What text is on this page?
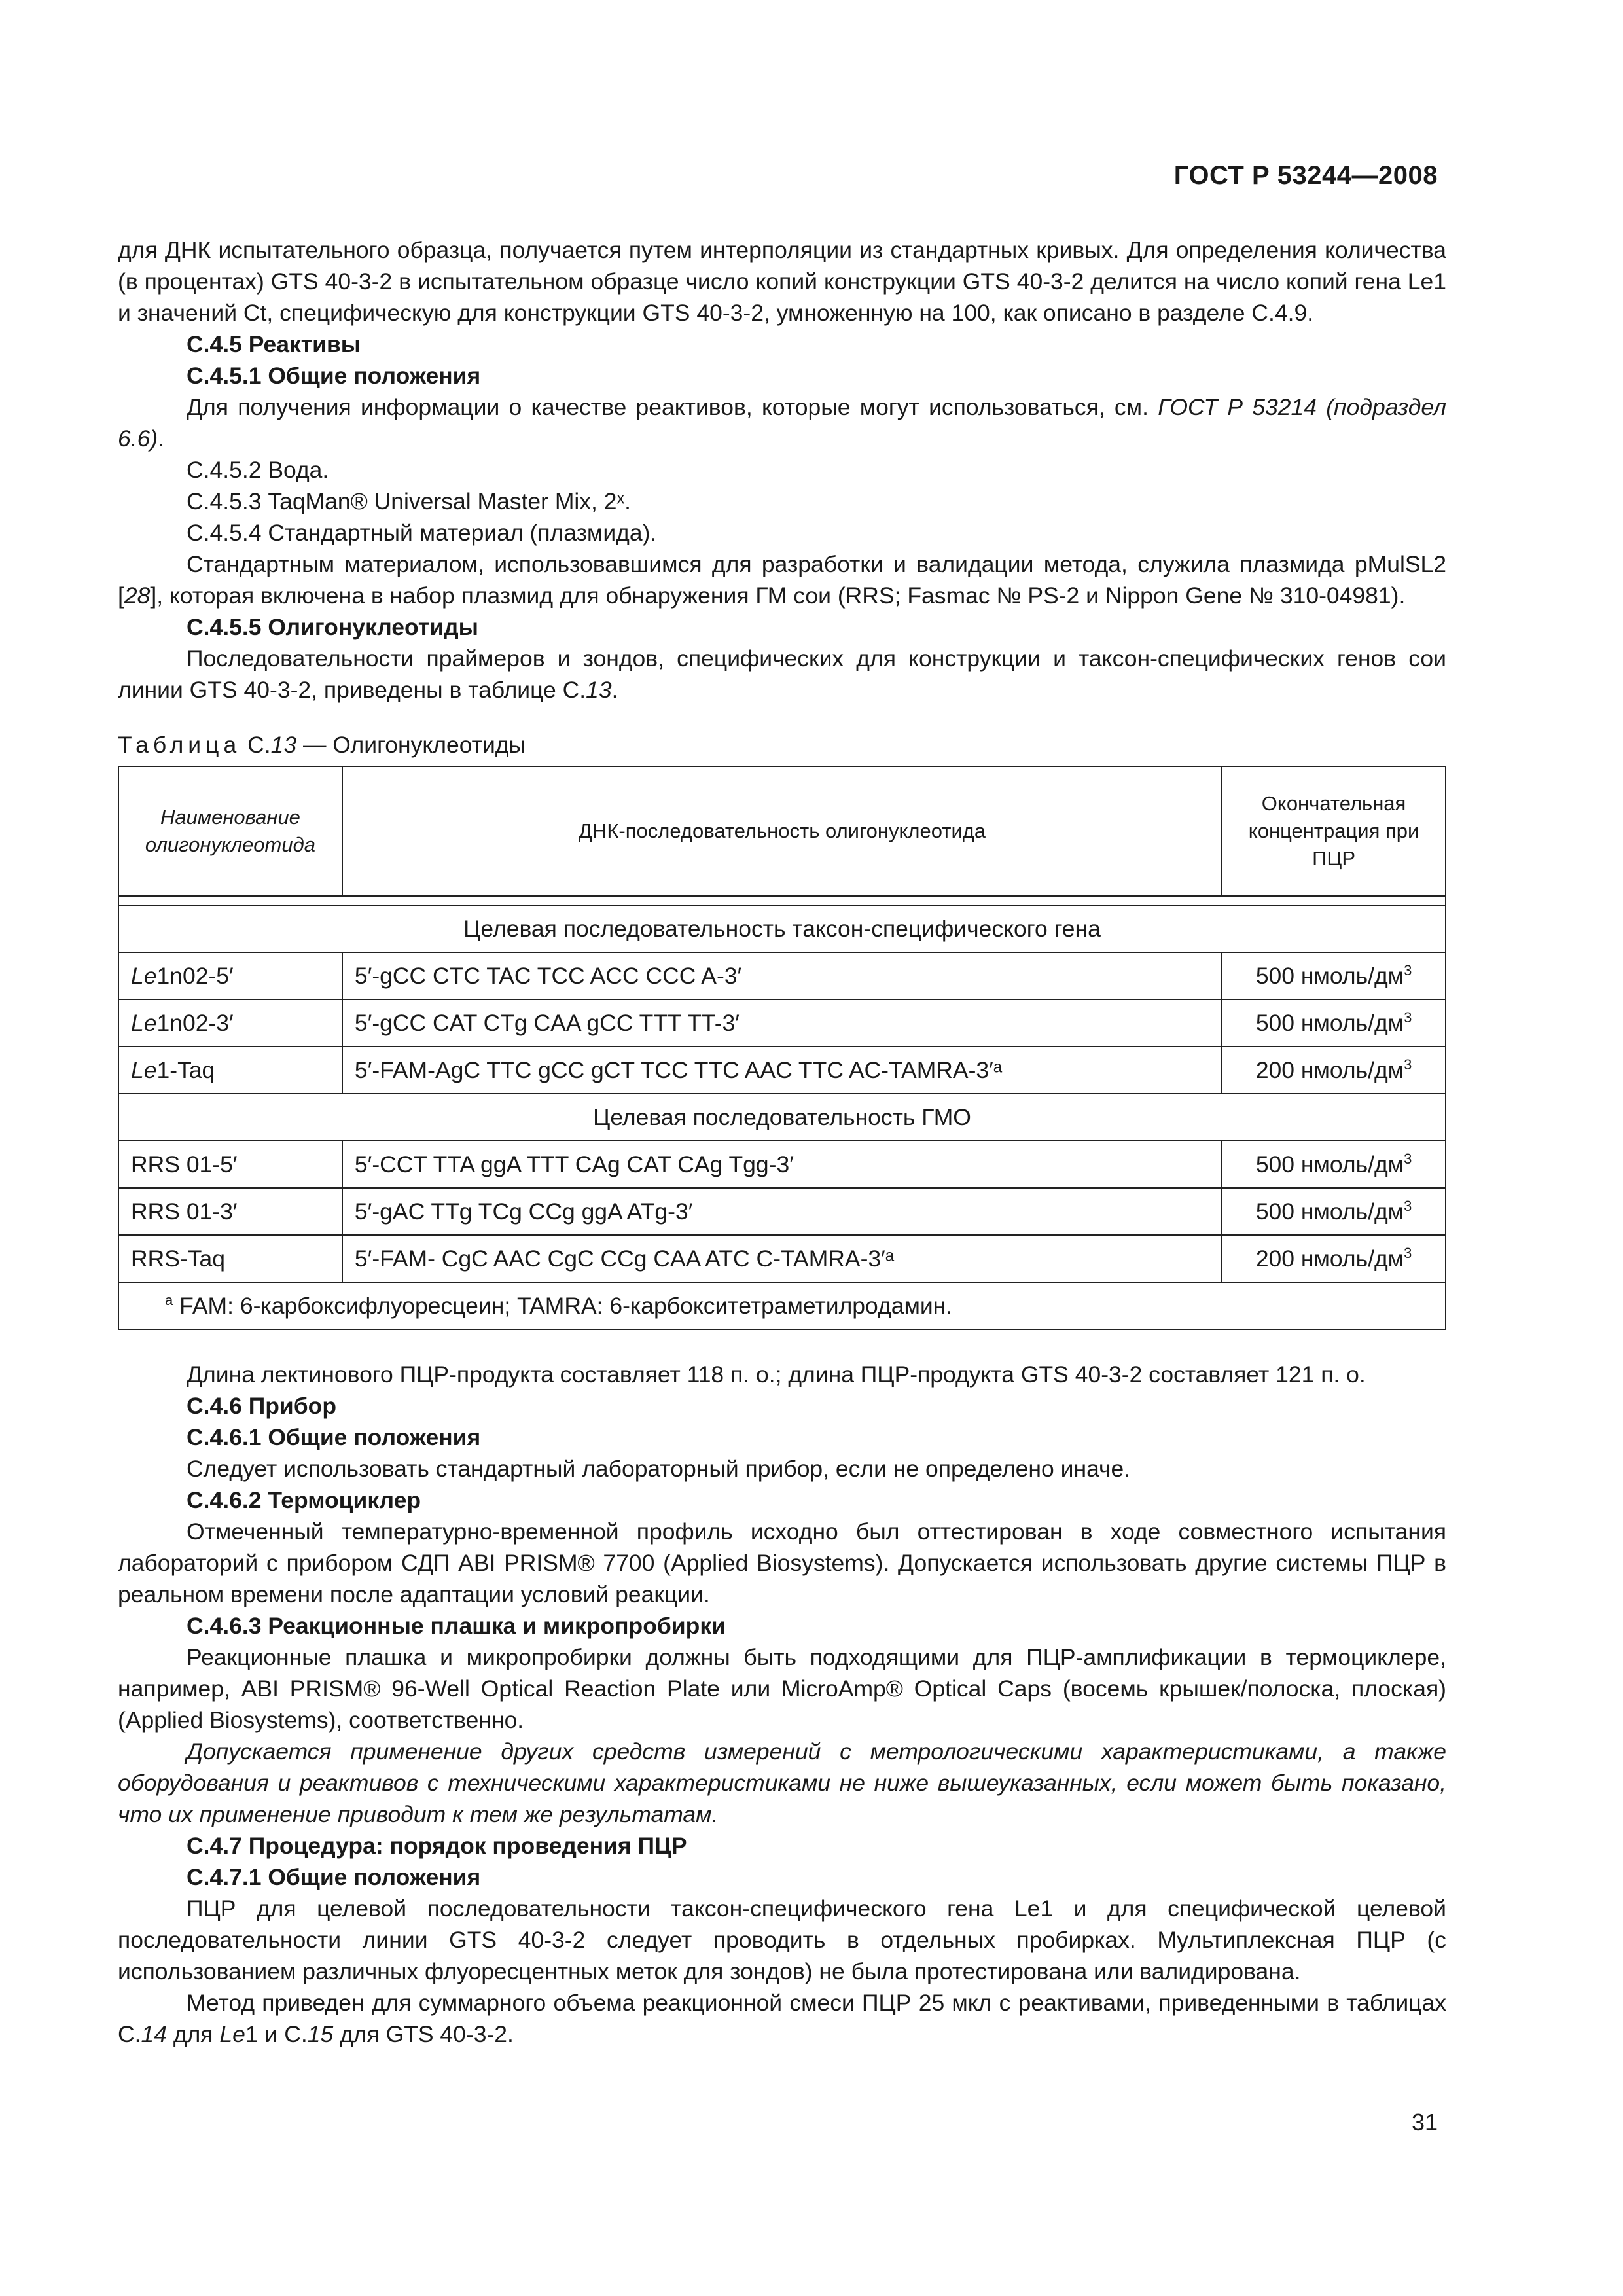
ГОСТ Р 53244—2008

для ДНК испытательного образца, получается путем интерполяции из стандартных кривых. Для определения количества (в процентах) GTS 40-3-2 в испытательном образце число копий конструкции GTS 40-3-2 делится на число копий гена Le1 и значений Ct, специфическую для конструкции GTS 40-3-2, умноженную на 100, как описано в разделе С.4.9.

С.4.5 Реактивы

С.4.5.1 Общие положения

Для получения информации о качестве реактивов, которые могут использоваться, см. ГОСТ Р 53214 (подраздел 6.6).

С.4.5.2 Вода.

С.4.5.3 TaqMan® Universal Master Mix, 2ˣ.

С.4.5.4 Стандартный материал (плазмида).

Стандартным материалом, использовавшимся для разработки и валидации метода, служила плазмида pMulSL2 [28], которая включена в набор плазмид для обнаружения ГМ сои (RRS; Fasmac № PS-2 и Nippon Gene № 310-04981).

С.4.5.5 Олигонуклеотиды

Последовательности праймеров и зондов, специфических для конструкции и таксон-специфических генов сои линии GTS 40-3-2, приведены в таблице С.13.

Таблица С.13 — Олигонуклеотиды

Наименование олигонуклеотида	ДНК-последовательность олигонуклеотида	Окончательная концентрация при ПЦР

Целевая последовательность таксон-специфического гена		
Le1n02-5′	5′-gCC CTC TAC TCC ACC CCC A-3′	500 нмоль/$дм^3$
Le1n02-3′	5′-gCC CAT CTg CAA gCC TTT TT-3′	500 нмоль/$дм^3$
Le1-Taq	5′-FAM-AgC TTC gCC gCT TCC TTC AAC TTC AC-TAMRA-3′ᵃ	200 нмоль/$дм^3$
Целевая последовательность ГМО		
RRS 01-5′	5′-CCT TTA ggA TTT CAg CAT CAg Tgg-3′	500 нмоль/$дм^3$
RRS 01-3′	5′-gAC TTg TCg CCg ggA ATg-3′	500 нмоль/$дм^3$
RRS-Taq	5′-FAM- CgC AAC CgC CCg CAA ATC C-TAMRA-3′ᵃ	200 нмоль/$дм^3$
$^a$ FAM: 6-карбоксифлуоресцеин; TAMRA: 6-карбокситетраметилродамин.		

Длина лектинового ПЦР-продукта составляет 118 п. о.; длина ПЦР-продукта GTS 40-3-2 составляет 121 п. о.

С.4.6 Прибор

С.4.6.1 Общие положения

Следует использовать стандартный лабораторный прибор, если не определено иначе.

С.4.6.2 Термоциклер

Отмеченный температурно-временной профиль исходно был оттестирован в ходе совместного испытания лабораторий с прибором СДП ABI PRISM® 7700 (Applied Biosystems). Допускается использовать другие системы ПЦР в реальном времени после адаптации условий реакции.

С.4.6.3 Реакционные плашка и микропробирки

Реакционные плашка и микропробирки должны быть подходящими для ПЦР-амплификации в термоциклере, например, ABI PRISM® 96-Well Optical Reaction Plate или MicroAmp® Optical Caps (восемь крышек/полоска, плоская) (Applied Biosystems), соответственно.

Допускается применение других средств измерений с метрологическими характеристиками, а также оборудования и реактивов с техническими характеристиками не ниже вышеуказанных, если может быть показано, что их применение приводит к тем же результатам.

С.4.7 Процедура: порядок проведения ПЦР

С.4.7.1 Общие положения

ПЦР для целевой последовательности таксон-специфического гена Le1 и для специфической целевой последовательности линии GTS 40-3-2 следует проводить в отдельных пробирках. Мультиплексная ПЦР (с использованием различных флуоресцентных меток для зондов) не была протестирована или валидирована.

Метод приведен для суммарного объема реакционной смеси ПЦР 25 мкл с реактивами, приведенными в таблицах С.14 для Le1 и С.15 для GTS 40-3-2.

31
